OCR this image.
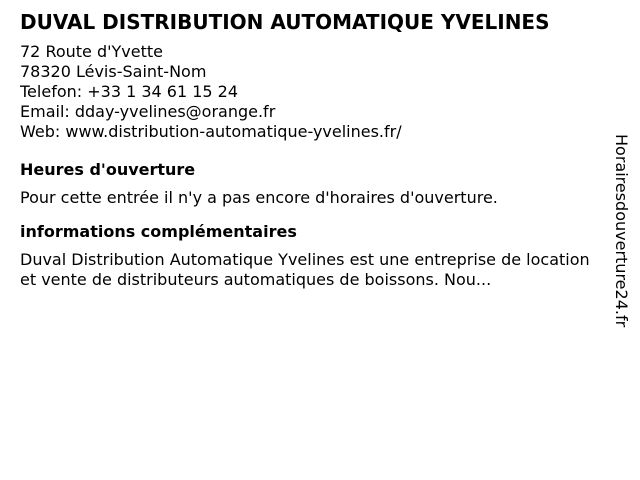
DUVAL DISTRIBUTION AUTOMATIQUE YVELINES
72 Route d'Yvette
78320 Lévis-Saint-Nom
Telefon: +33 1 34 61 15 24
Email: dday-yvelines@orange.fr
Web: www.distribution-automatique-yvelines.fr/
Heures d'ouverture
Pour cette entrée il n'y a pas encore d'horaires d'ouverture.
informations complémentaires
Duval Distribution Automatique Yvelines est une entreprise de location et vente de distributeurs automatiques de boissons. Nou...	Horairesdouverture24.fr
